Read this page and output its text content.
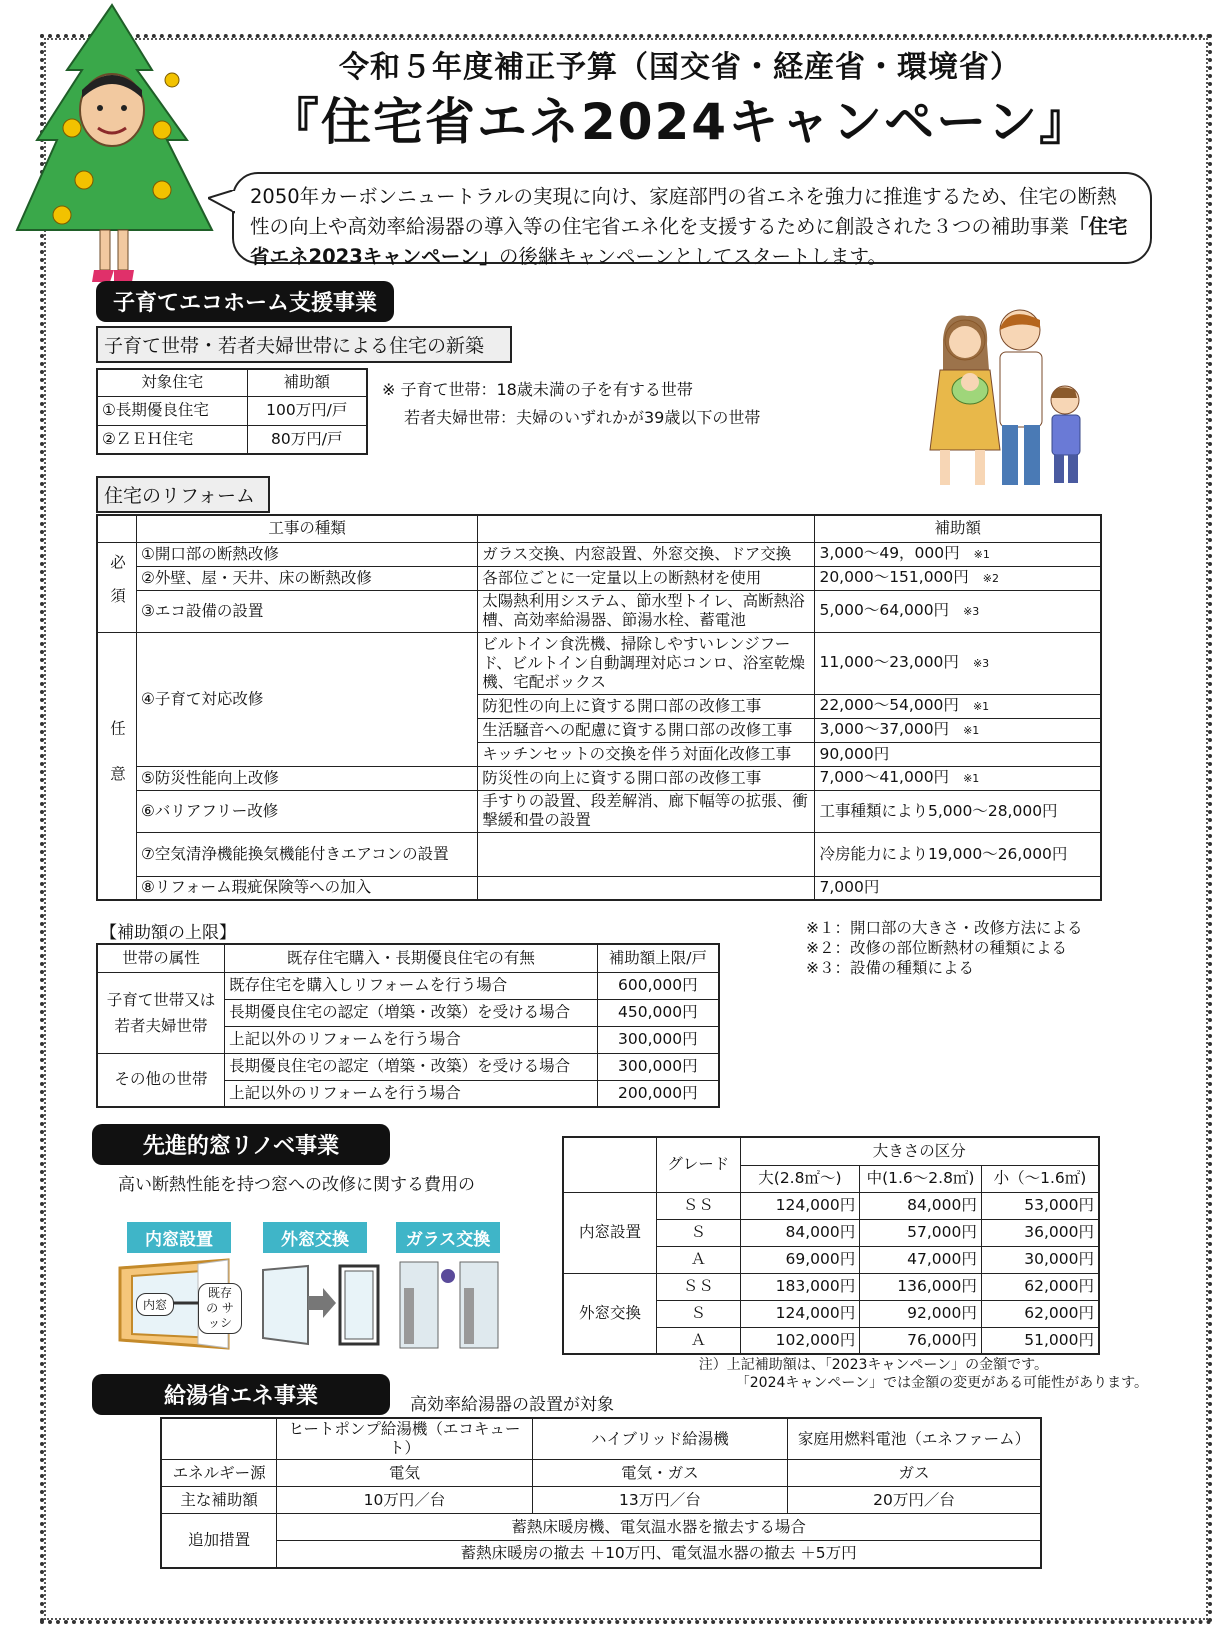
令和５年度補正予算（国交省・経産省・環境省）
『住宅省エネ2024キャンペーン』
2050年カーボンニュートラルの実現に向け、家庭部門の省エネを強力に推進するため、住宅の断熱性の向上や高効率給湯器の導入等の住宅省エネ化を支援するために創設された３つの補助事業「住宅省エネ2023キャンペーン」の後継キャンペーンとしてスタートします。
子育てエコホーム支援事業
子育て世帯・若者夫婦世帯による住宅の新築
対象住宅	補助額
①長期優良住宅	100万円/戸
②ＺＥＨ住宅	80万円/戸
※ 子育て世帯：18歳未満の子を有する世帯
若者夫婦世帯：夫婦のいずれかが39歳以下の世帯
住宅のリフォーム
	工事の種類		補助額
必須	①開口部の断熱改修	ガラス交換、内窓設置、外窓交換、ドア交換	3,000～49，000円 ※1
	②外壁、屋・天井、床の断熱改修	各部位ごとに一定量以上の断熱材を使用	20,000～151,000円 ※2
	③エコ設備の設置	太陽熱利用システム、節水型トイレ、高断熱浴槽、高効率給湯器、節湯水栓、蓄電池	5,000～64,000円 ※3
任意	④子育て対応改修	ビルトイン食洗機、掃除しやすいレンジフード、ビルトイン自動調理対応コンロ、浴室乾燥機、宅配ボックス	11,000～23,000円 ※3
		防犯性の向上に資する開口部の改修工事	22,000～54,000円 ※1
		生活騒音への配慮に資する開口部の改修工事	3,000～37,000円 ※1
		キッチンセットの交換を伴う対面化改修工事	90,000円
	⑤防災性能向上改修	防災性の向上に資する開口部の改修工事	7,000～41,000円 ※1
	⑥バリアフリー改修	手すりの設置、段差解消、廊下幅等の拡張、衝撃緩和畳の設置	工事種類により5,000～28,000円
	⑦空気清浄機能換気機能付きエアコンの設置		冷房能力により19,000～26,000円
	⑧リフォーム瑕疵保険等への加入		7,000円
【補助額の上限】
世帯の属性	既存住宅購入・長期優良住宅の有無	補助額上限/戸
子育て世帯又は若者夫婦世帯	既存住宅を購入しリフォームを行う場合	600,000円
	長期優良住宅の認定（増築・改築）を受ける場合	450,000円
	上記以外のリフォームを行う場合	300,000円
その他の世帯	長期優良住宅の認定（増築・改築）を受ける場合	300,000円
	上記以外のリフォームを行う場合	200,000円
※１：開口部の大きさ・改修方法による
※２：改修の部位断熱材の種類による
※３：設備の種類による
先進的窓リノベ事業
高い断熱性能を持つ窓への改修に関する費用の
内窓設置	外窓交換	ガラス交換
内窓
既存の サッシ
	グレード	大きさの区分		
		大(2.8㎡～)	中(1.6～2.8㎡)	小（～1.6㎡)
内窓設置	ＳＳ	124,000円	84,000円	53,000円
	Ｓ	84,000円	57,000円	36,000円
	Ａ	69,000円	47,000円	30,000円
外窓交換	ＳＳ	183,000円	136,000円	62,000円
	Ｓ	124,000円	92,000円	62,000円
	Ａ	102,000円	76,000円	51,000円
注）上記補助額は、「2023キャンペーン」の金額です。
「2024キャンペーン」では金額の変更がある可能性があります。
給湯省エネ事業	高効率給湯器の設置が対象
	ヒートポンプ給湯機（エコキュート）	ハイブリッド給湯機	家庭用燃料電池（エネファーム）
エネルギー源	電気	電気・ガス	ガス
主な補助額	10万円／台	13万円／台	20万円／台
追加措置	蓄熱床暖房機、電気温水器を撤去する場合		
	蓄熱床暖房の撤去 ＋10万円、電気温水器の撤去 ＋5万円		
